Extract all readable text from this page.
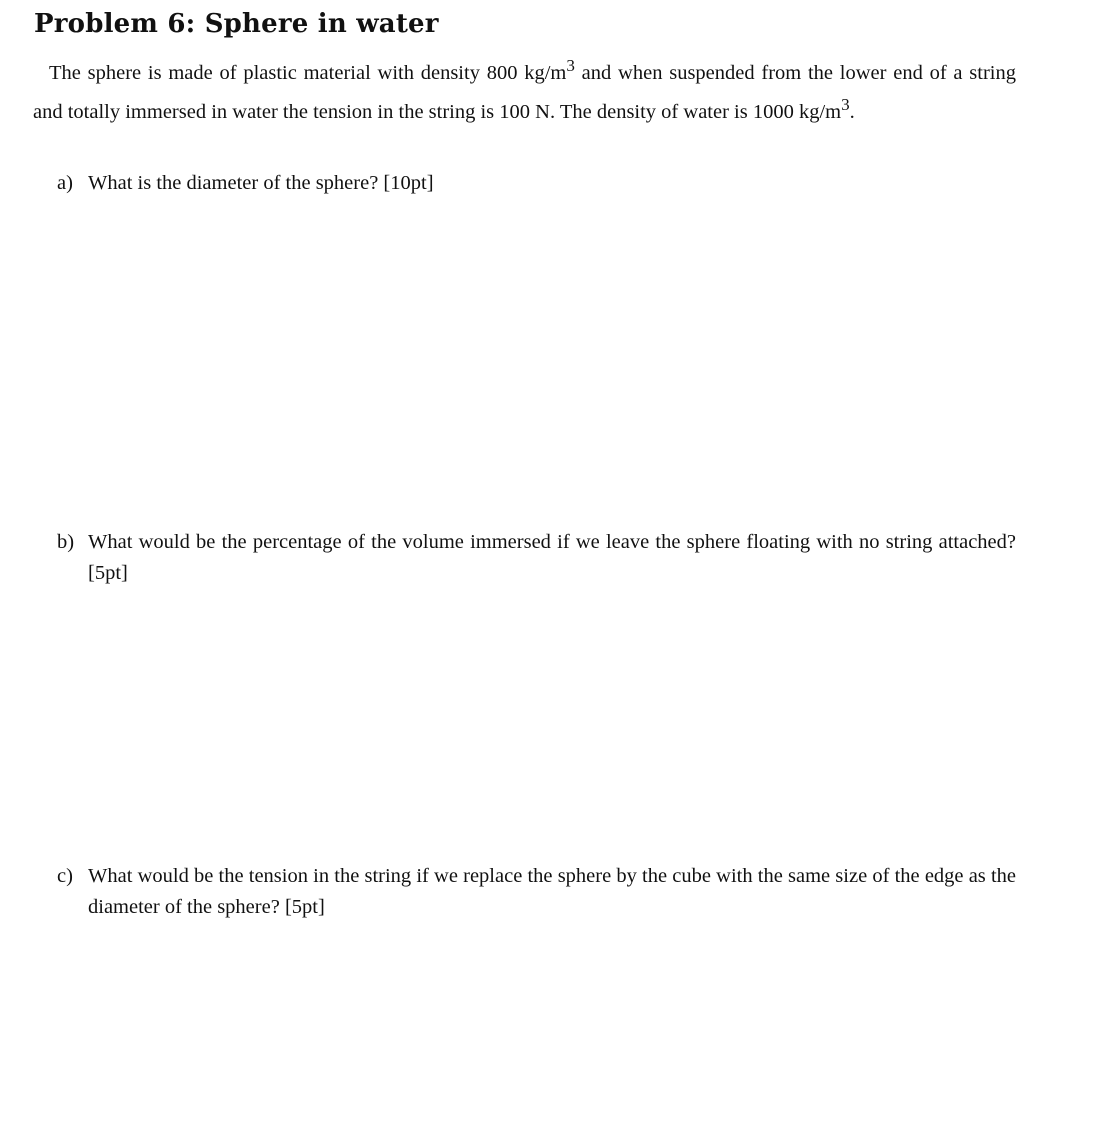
Problem 6: Sphere in water

The sphere is made of plastic material with density 800 $kg/m^3$ and when suspended from the lower end of a string and totally immersed in water the tension in the string is 100 N. The density of water is 1000 $kg/m^3$.

a) What is the diameter of the sphere? [10pt]
b) What would be the percentage of the volume immersed if we leave the sphere floating with no string attached? [5pt]
c) What would be the tension in the string if we replace the sphere by the cube with the same size of the edge as the diameter of the sphere? [5pt]
